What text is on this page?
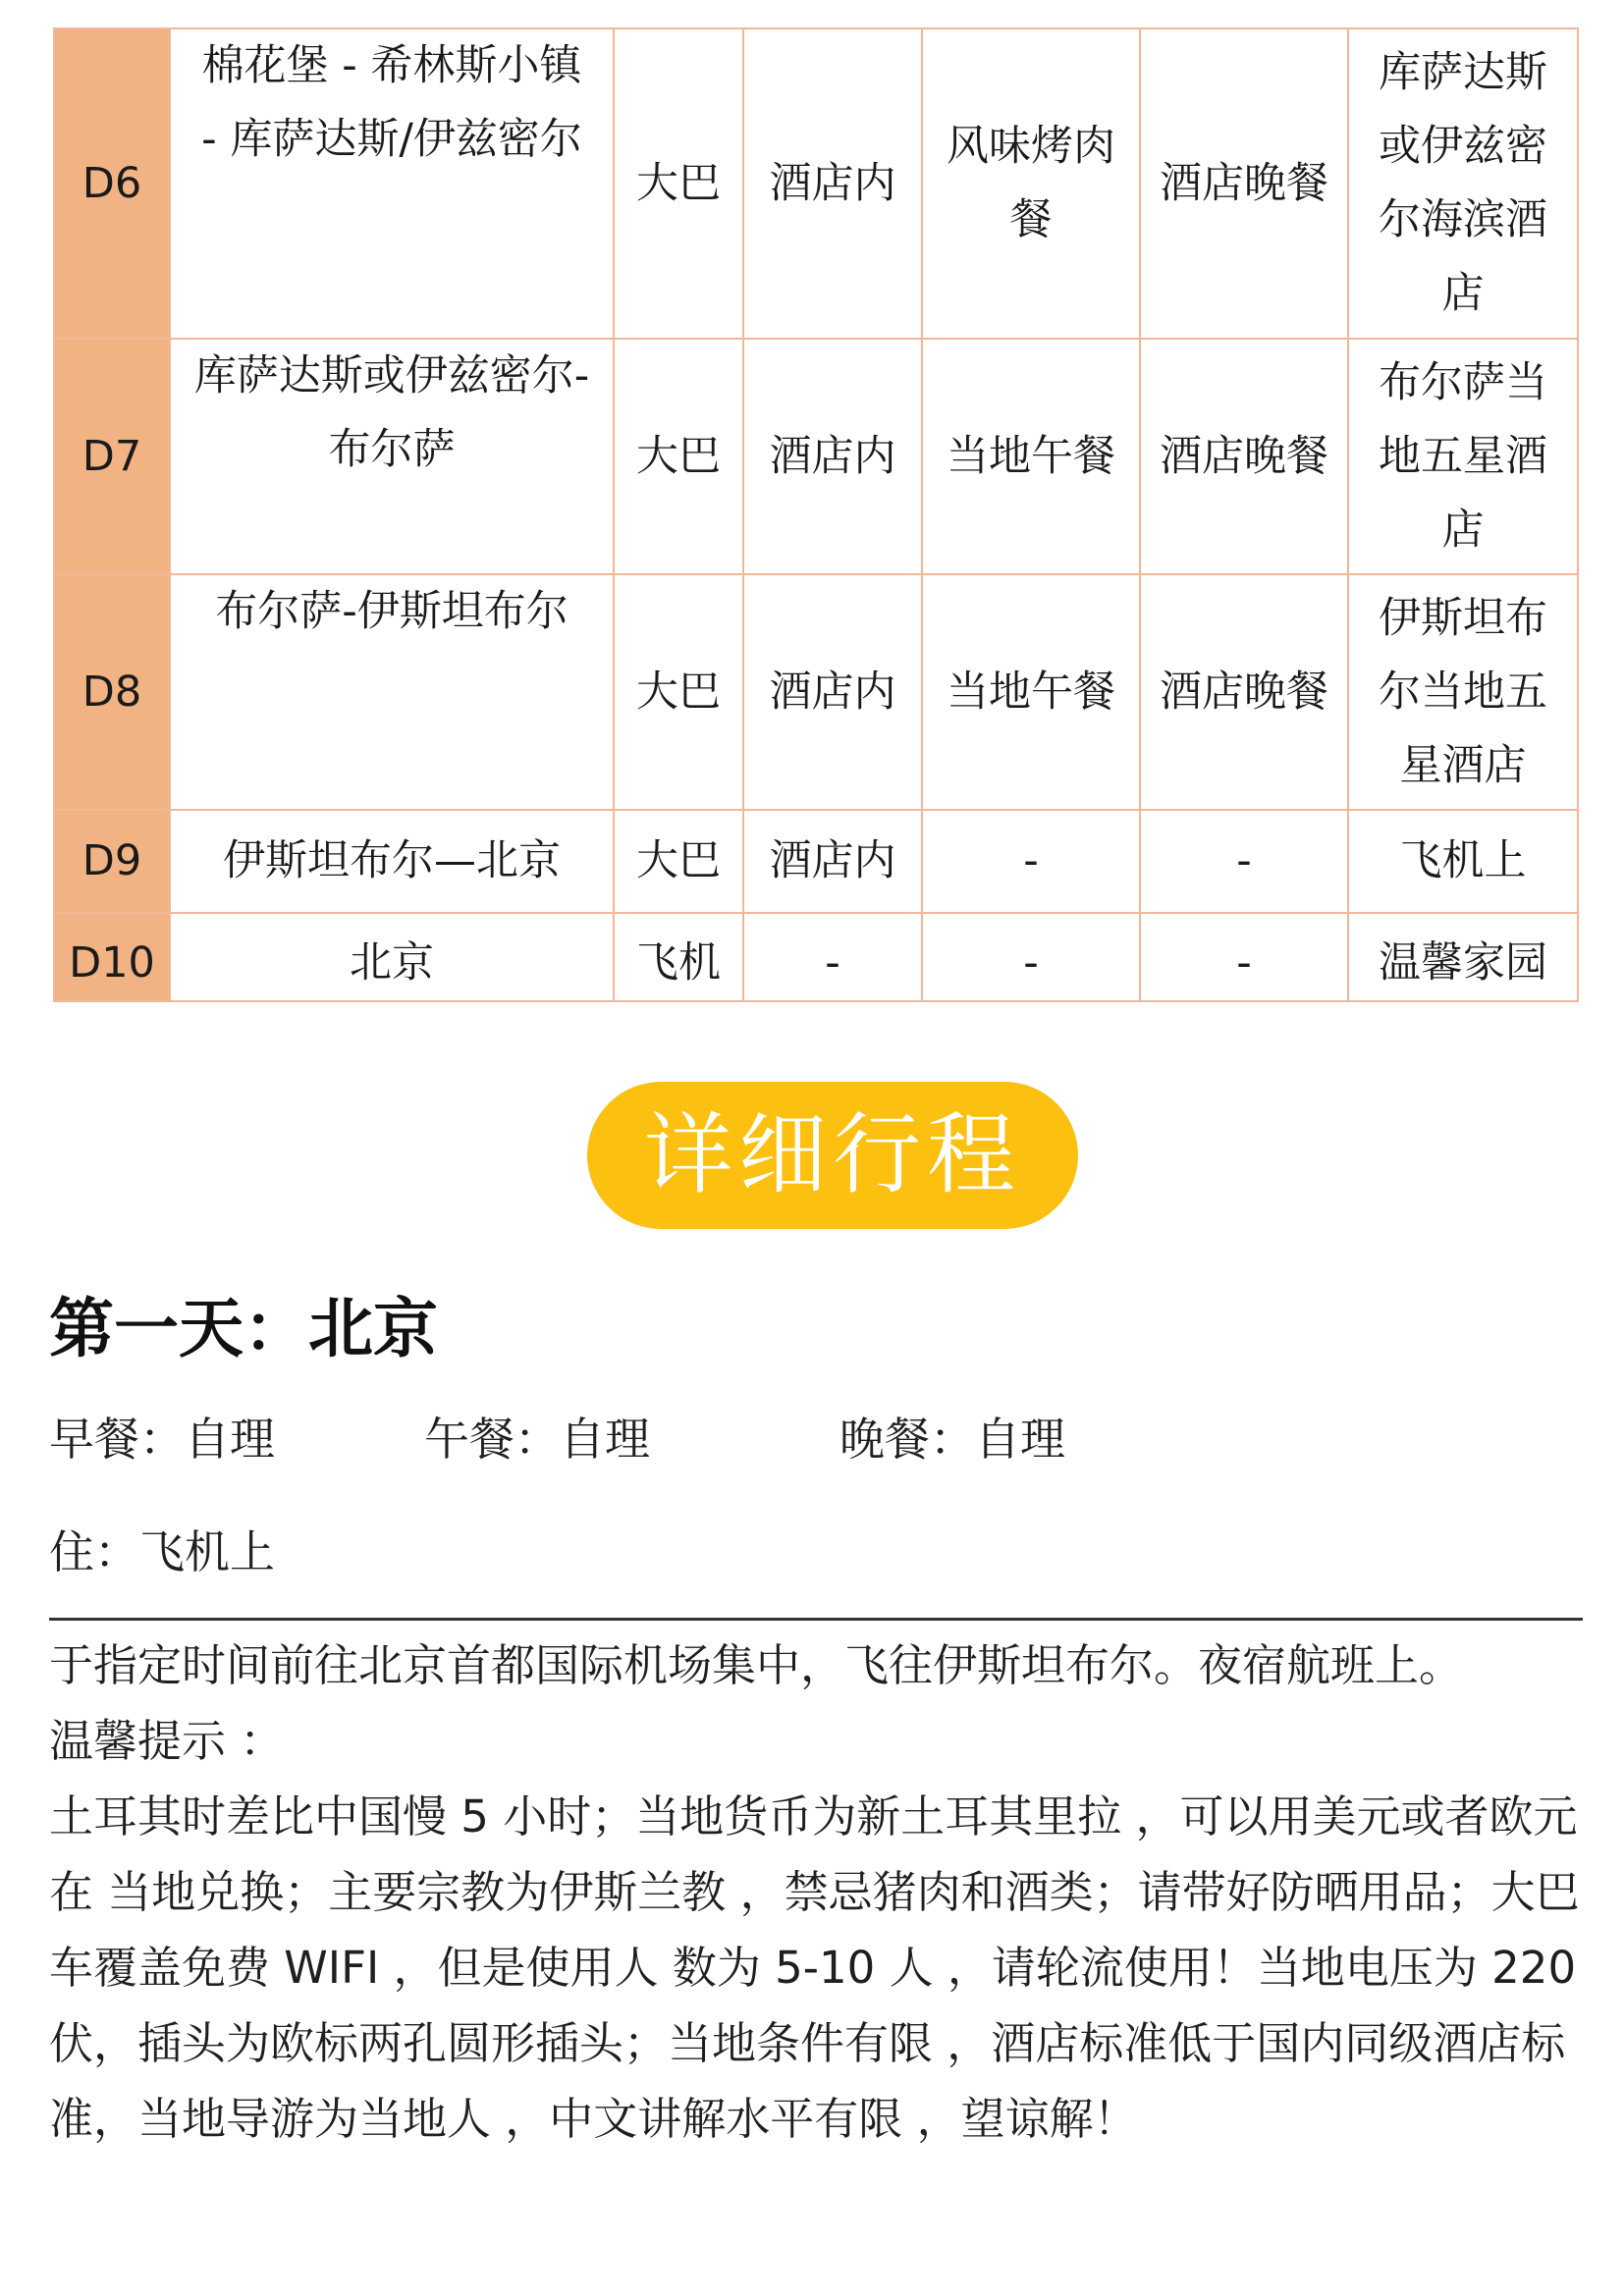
D6	棉花堡 - 希林斯小镇
- 库萨达斯/伊兹密尔	大巴	酒店内	风味烤肉
餐	酒店晚餐	库萨达斯
或伊兹密
尔海滨酒
店
D7	库萨达斯或伊兹密尔-
布尔萨	大巴	酒店内	当地午餐	酒店晚餐	布尔萨当
地五星酒
店
D8	布尔萨-伊斯坦布尔	大巴	酒店内	当地午餐	酒店晚餐	伊斯坦布
尔当地五
星酒店
D9	伊斯坦布尔—北京	大巴	酒店内	-	-	飞机上
D10	北京	飞机	-	-	-	温馨家园
详细行程
第一天：北京
早餐：自理	午餐：自理	晚餐：自理
住：飞机上

于指定时间前往北京首都国际机场集中，飞往伊斯坦布尔。夜宿航班上。

温馨提示 ：

土耳其时差比中国慢 5 小时；当地货币为新土耳其里拉 ，可以用美元或者欧元
在 当地兑换；主要宗教为伊斯兰教 ，禁忌猪肉和酒类；请带好防晒用品；大巴
车覆盖免费 WIFI ，但是使用人 数为 5-10 人 ，请轮流使用！当地电压为 220
伏，插头为欧标两孔圆形插头；当地条件有限 ，酒店标准低于国内同级酒店标
准，当地导游为当地人 ，中文讲解水平有限 ，望谅解！
